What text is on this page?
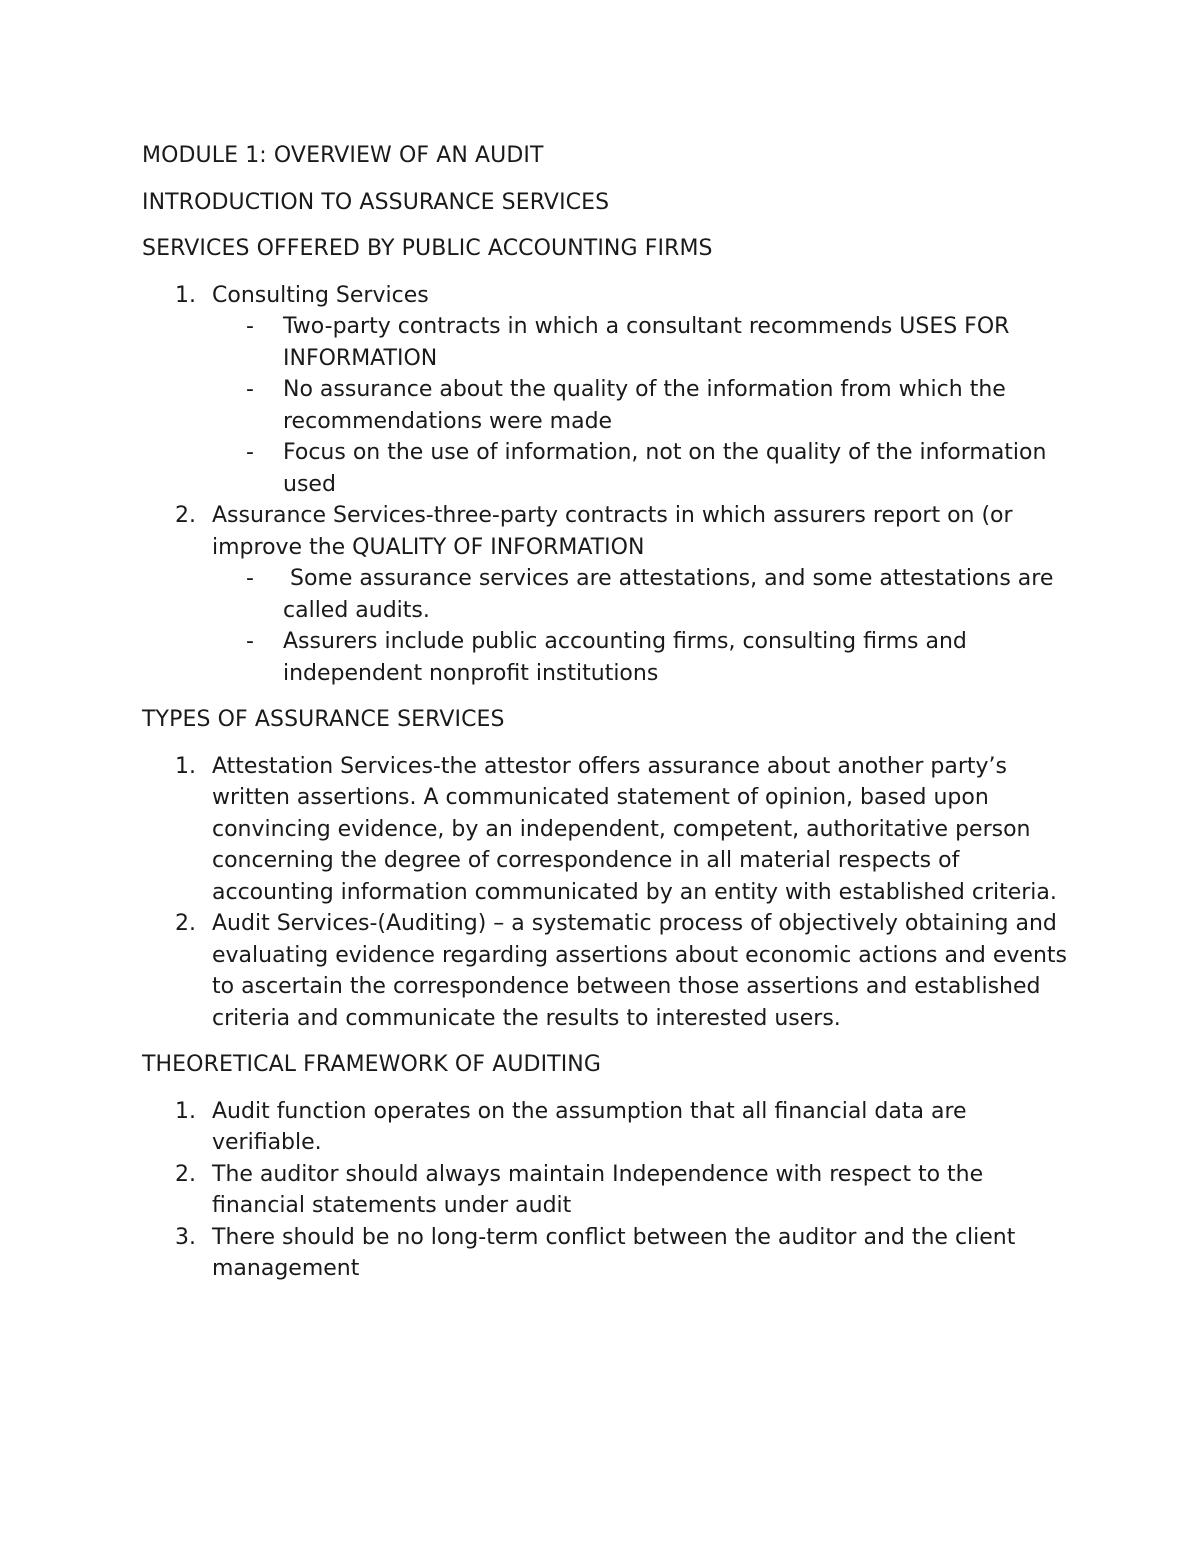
MODULE 1: OVERVIEW OF AN AUDIT
INTRODUCTION TO ASSURANCE SERVICES
SERVICES OFFERED BY PUBLIC ACCOUNTING FIRMS
1. Consulting Services
- Two-party contracts in which a consultant recommends USES FOR INFORMATION
- No assurance about the quality of the information from which the recommendations were made
- Focus on the use of information, not on the quality of the information used
2. Assurance Services-three-party contracts in which assurers report on (or improve the QUALITY OF INFORMATION
- Some assurance services are attestations, and some attestations are called audits.
- Assurers include public accounting firms, consulting firms and independent nonprofit institutions
TYPES OF ASSURANCE SERVICES
1. Attestation Services-the attestor offers assurance about another party’s written assertions. A communicated statement of opinion, based upon convincing evidence, by an independent, competent, authoritative person concerning the degree of correspondence in all material respects of accounting information communicated by an entity with established criteria.
2. Audit Services-(Auditing) – a systematic process of objectively obtaining and evaluating evidence regarding assertions about economic actions and events to ascertain the correspondence between those assertions and established criteria and communicate the results to interested users.
THEORETICAL FRAMEWORK OF AUDITING
1. Audit function operates on the assumption that all financial data are verifiable.
2. The auditor should always maintain Independence with respect to the financial statements under audit
3. There should be no long-term conflict between the auditor and the client management
